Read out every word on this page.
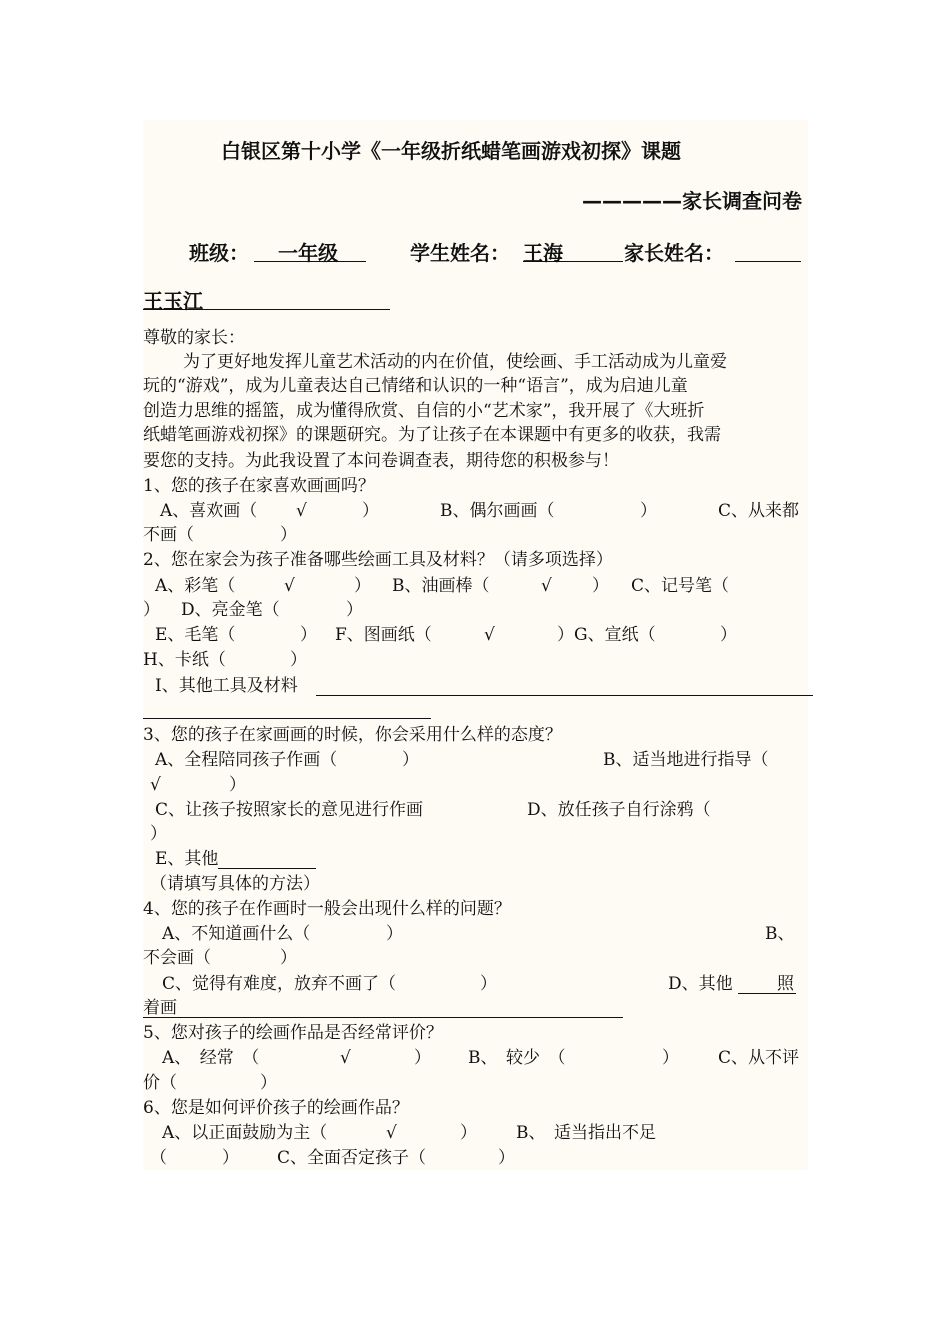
白银区第十小学《一年级折纸蜡笔画游戏初探》课题
—————家长调查问卷
班级： 一年级	学生姓名： 王海	家长姓名：
王玉江
尊敬的家长：
为了更好地发挥儿童艺术活动的内在价值，使绘画、手工活动成为儿童爱
玩的“游戏”，成为儿童表达自己情绪和认识的一种“语言”，成为启迪儿童
创造力思维的摇篮，成为懂得欣赏、自信的小“艺术家”，我开展了《大班折
纸蜡笔画游戏初探》的课题研究。为了让孩子在本课题中有更多的收获，我需
要您的支持。为此我设置了本问卷调查表，期待您的积极参与！
1、您的孩子在家喜欢画画吗？
A、喜欢画（ √	）	B、偶尔画画（	）	C、从来都
不画（	）
2、您在家会为孩子准备哪些绘画工具及材料？（请多项选择）
A、彩笔（	√	） B、油画棒（	√ ） C、记号笔（
） D、亮金笔（	）
E、毛笔（	） F、图画纸（	√	）G、宣纸（	）
H、卡纸（	）
I、其他工具及材料
3、您的孩子在家画画的时候，你会采用什么样的态度？
A、全程陪同孩子作画（	）	B、适当地进行指导（
√	）
C、让孩子按照家长的意见进行作画	D、放任孩子自行涂鸦（
）
E、其他
（请填写具体的方法）
4、您的孩子在作画时一般会出现什么样的问题？
A、不知道画什么（	）	B、
不会画（	）
C、觉得有难度，放弃不画了（	）	D、其他	照
着画
5、您对孩子的绘画作品是否经常评价？
A、　经常　（	√	） B、　较少　（	） C、从不评
价（	）
6、您是如何评价孩子的绘画作品？
A、以正面鼓励为主（	√	） B、　适当指出不足
（	） C、全面否定孩子（	）
